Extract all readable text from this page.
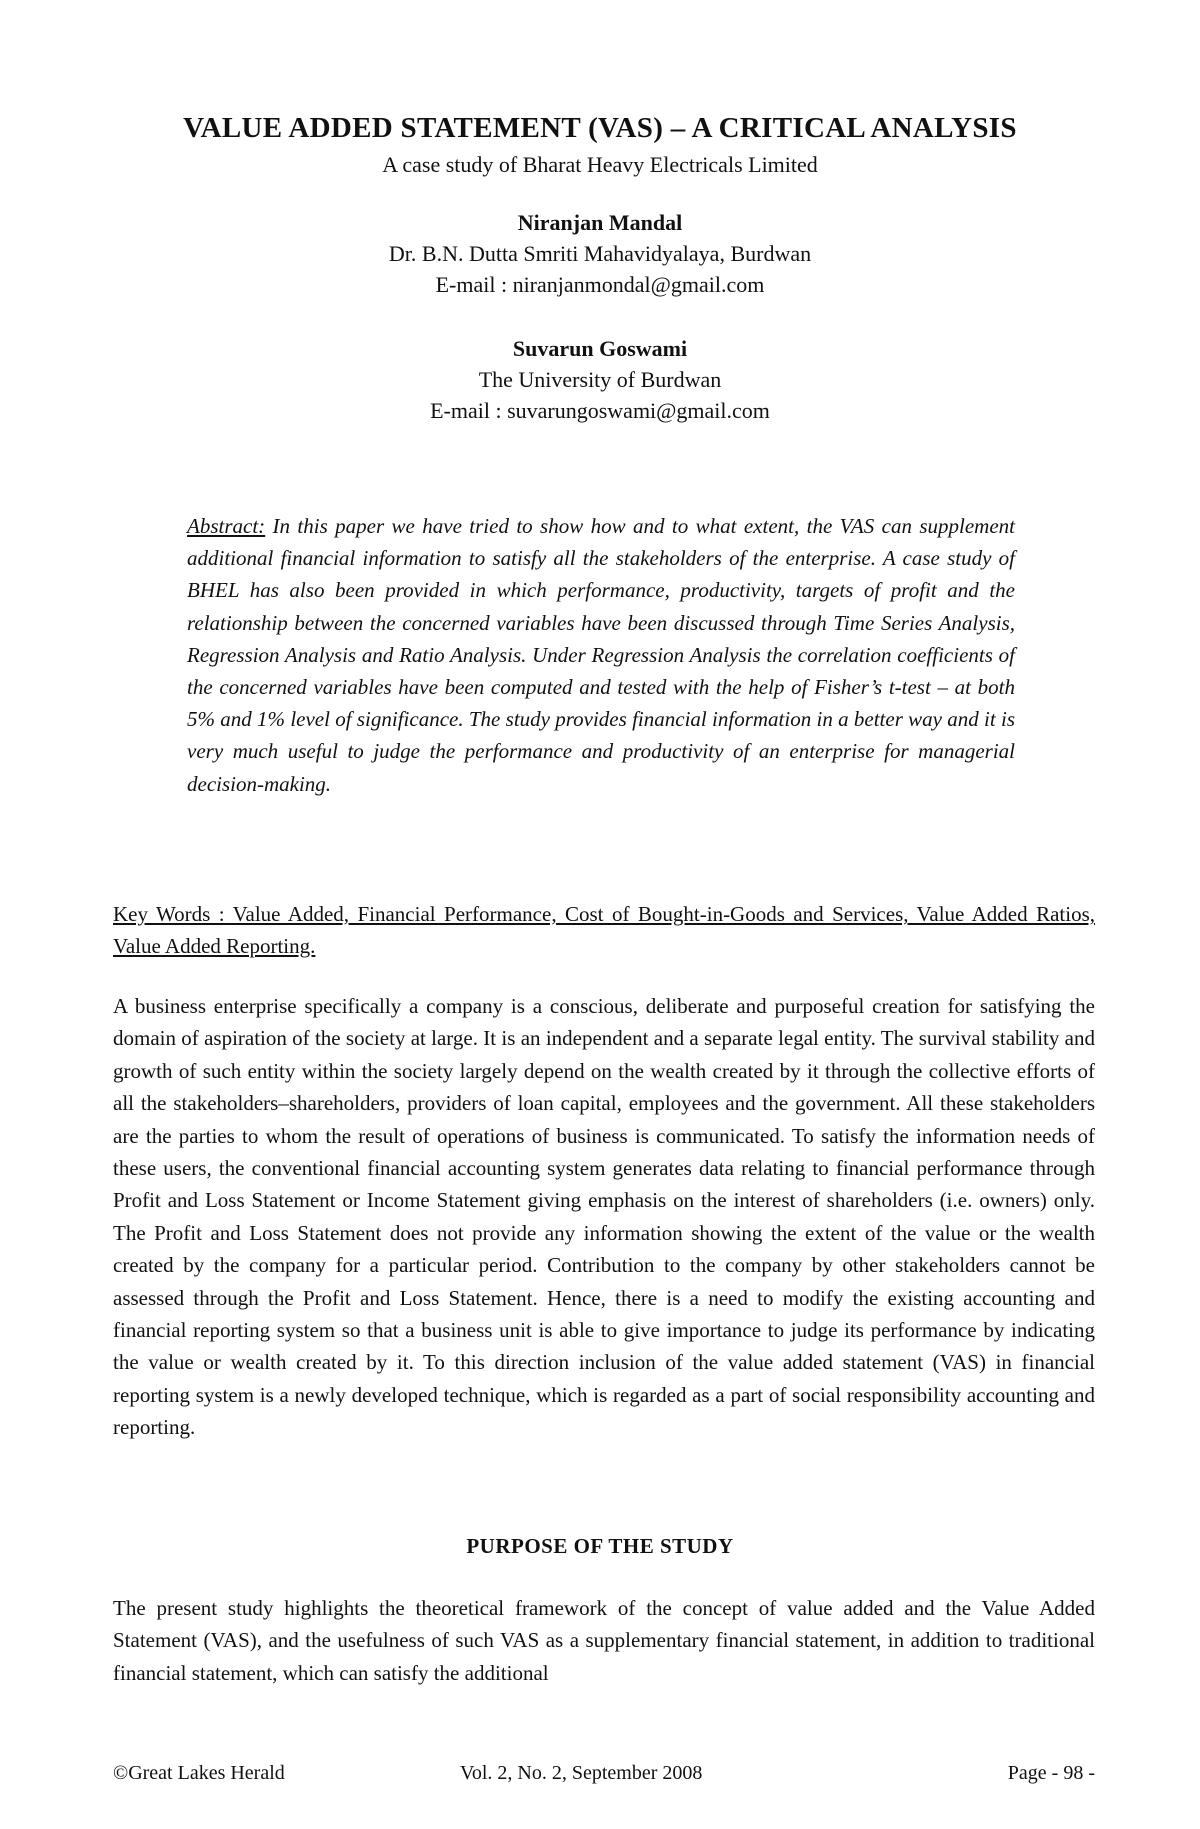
VALUE ADDED STATEMENT (VAS) – A CRITICAL ANALYSIS

A case study of Bharat Heavy Electricals Limited

Niranjan Mandal
Dr. B.N. Dutta Smriti Mahavidyalaya, Burdwan
E-mail : niranjanmondal@gmail.com
Suvarun Goswami
The University of Burdwan
E-mail : suvarungoswami@gmail.com

Abstract: In this paper we have tried to show how and to what extent, the VAS can supplement additional financial information to satisfy all the stakeholders of the enterprise. A case study of BHEL has also been provided in which performance, productivity, targets of profit and the relationship between the concerned variables have been discussed through Time Series Analysis, Regression Analysis and Ratio Analysis. Under Regression Analysis the correlation coefficients of the concerned variables have been computed and tested with the help of Fisher’s t-test – at both 5% and 1% level of significance. The study provides financial information in a better way and it is very much useful to judge the performance and productivity of an enterprise for managerial decision-making.

Key Words : Value Added, Financial Performance, Cost of Bought-in-Goods and Services, Value Added Ratios, Value Added Reporting.

A business enterprise specifically a company is a conscious, deliberate and purposeful creation for satisfying the domain of aspiration of the society at large. It is an independent and a separate legal entity. The survival stability and growth of such entity within the society largely depend on the wealth created by it through the collective efforts of all the stakeholders–shareholders, providers of loan capital, employees and the government. All these stakeholders are the parties to whom the result of operations of business is communicated. To satisfy the information needs of these users, the conventional financial accounting system generates data relating to financial performance through Profit and Loss Statement or Income Statement giving emphasis on the interest of shareholders (i.e. owners) only. The Profit and Loss Statement does not provide any information showing the extent of the value or the wealth created by the company for a particular period. Contribution to the company by other stakeholders cannot be assessed through the Profit and Loss Statement. Hence, there is a need to modify the existing accounting and financial reporting system so that a business unit is able to give importance to judge its performance by indicating the value or wealth created by it. To this direction inclusion of the value added statement (VAS) in financial reporting system is a newly developed technique, which is regarded as a part of social responsibility accounting and reporting.

PURPOSE OF THE STUDY

The present study highlights the theoretical framework of the concept of value added and the Value Added Statement (VAS), and the usefulness of such VAS as a supplementary financial statement, in addition to traditional financial statement, which can satisfy the additional

©Great Lakes Herald	Vol. 2, No. 2, September 2008	Page - 98 -
